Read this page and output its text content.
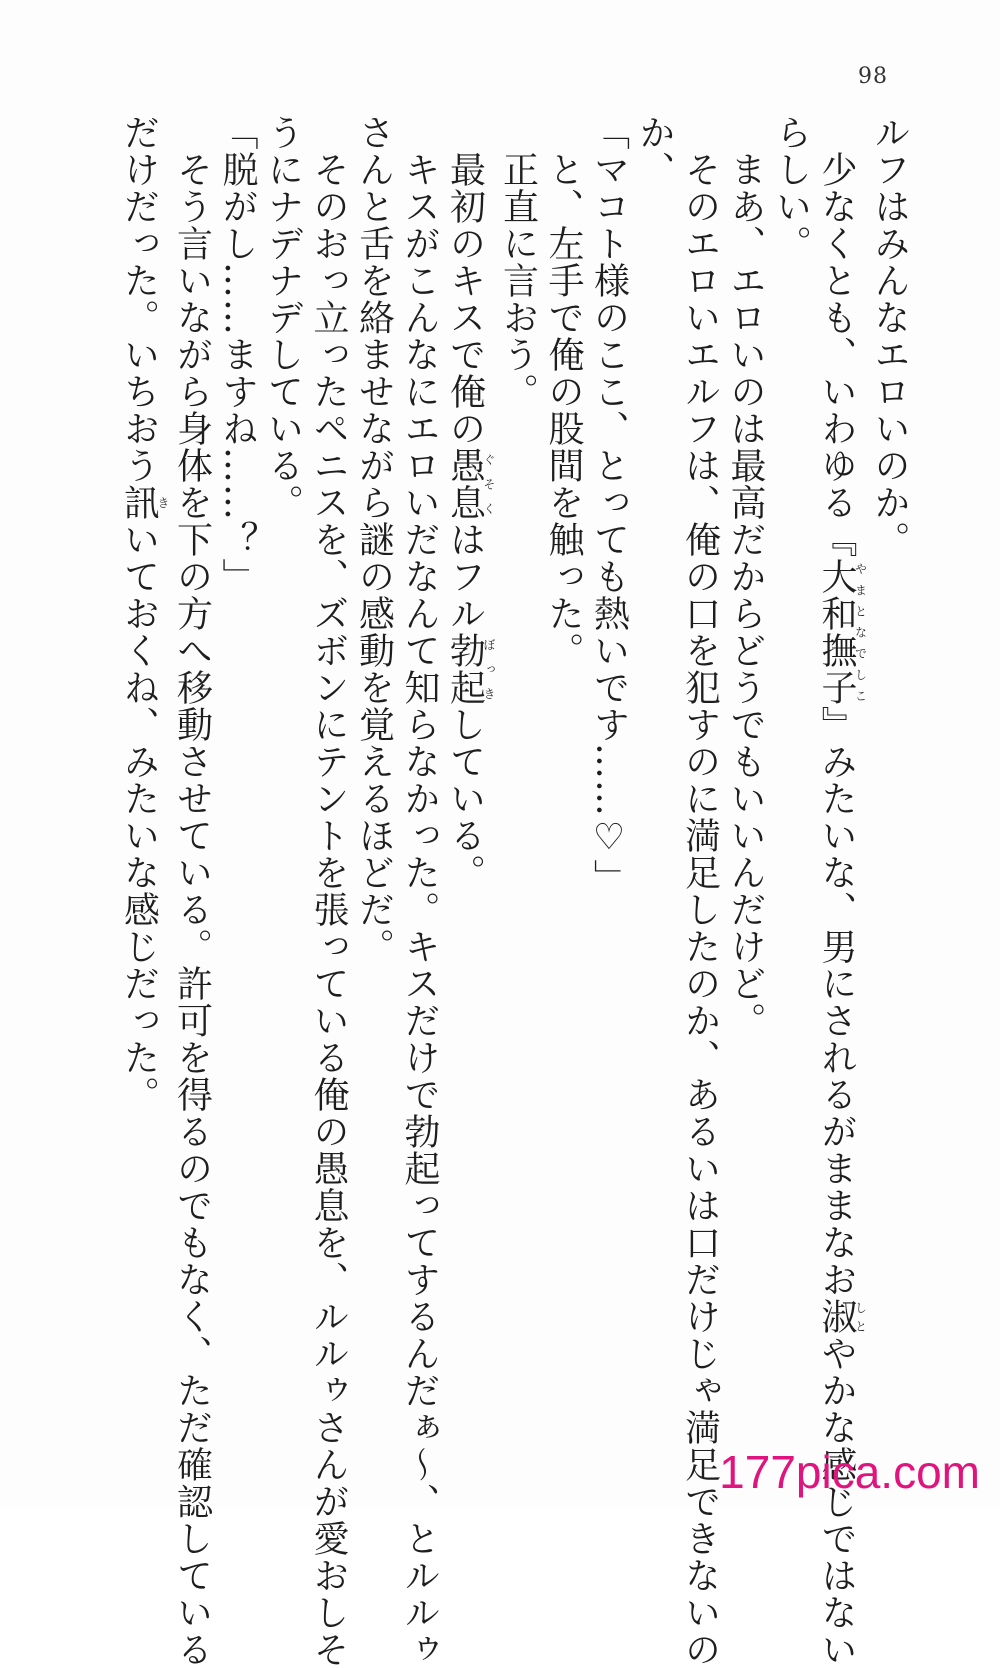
98
ルフはみんなエロいのか。
　少なくとも、いわゆる『大和撫子やまとなでしこ』みたいな、男にされるがままなお淑しとやかな感じではない
らしい。
　まあ、エロいのは最高だからどうでもいいんだけど。
　そのエロいエルフは、俺の口を犯すのに満足したのか、あるいは口だけじゃ満足できないの
か、
「マコト様のここ、とっても熱いです……♡」
　と、左手で俺の股間を触った。
　正直に言おう。
　最初のキスで俺の愚息ぐそくはフル勃起ぼっきしている。
　キスがこんなにエロいだなんて知らなかった。キスだけで勃起ってするんだぁ～、とルルゥ
さんと舌を絡ませながら謎の感動を覚えるほどだ。
　そのおっ立ったペニスを、ズボンにテントを張っている俺の愚息を、ルルゥさんが愛おしそ
うにナデナデしている。
「脱がし……ますね……？」
　そう言いながら身体を下の方へ移動させている。許可を得るのでもなく、ただ確認している
だけだった。いちおう訊きいておくね、みたいな感じだった。
177pica.com
